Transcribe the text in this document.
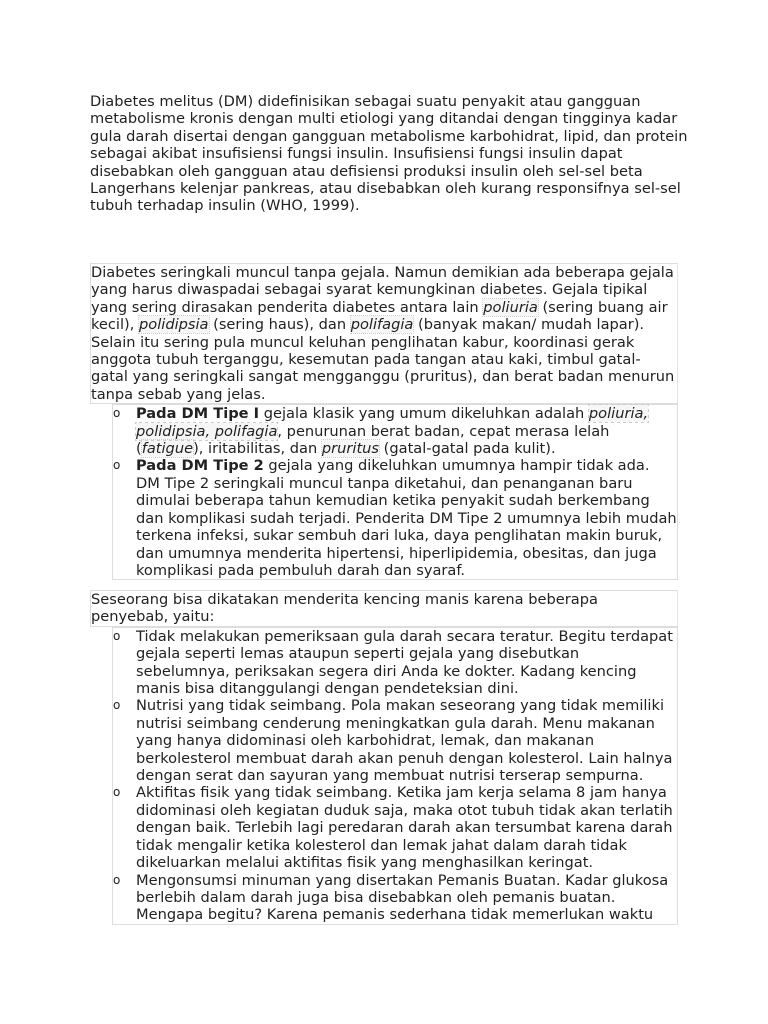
Diabetes melitus (DM) didefinisikan sebagai suatu penyakit atau gangguan metabolisme kronis dengan multi etiologi yang ditandai dengan tingginya kadar gula darah disertai dengan gangguan metabolisme karbohidrat, lipid, dan protein sebagai akibat insufisiensi fungsi insulin. Insufisiensi fungsi insulin dapat disebabkan oleh gangguan atau defisiensi produksi insulin oleh sel-sel beta Langerhans kelenjar pankreas, atau disebabkan oleh kurang responsifnya sel-sel tubuh terhadap insulin (WHO, 1999).

Diabetes seringkali muncul tanpa gejala. Namun demikian ada beberapa gejala yang harus diwaspadai sebagai syarat kemungkinan diabetes. Gejala tipikal yang sering dirasakan penderita diabetes antara lain poliuria (sering buang air kecil), polidipsia (sering haus), dan polifagia (banyak makan/ mudah lapar). Selain itu sering pula muncul keluhan penglihatan kabur, koordinasi gerak anggota tubuh terganggu, kesemutan pada tangan atau kaki, timbul gatal-gatal yang seringkali sangat mengganggu (pruritus), dan berat badan menurun tanpa sebab yang jelas.

o Pada DM Tipe I gejala klasik yang umum dikeluhkan adalah poliuria, polidipsia, polifagia, penurunan berat badan, cepat merasa lelah (fatigue), iritabilitas, dan pruritus (gatal-gatal pada kulit).
o Pada DM Tipe 2 gejala yang dikeluhkan umumnya hampir tidak ada. DM Tipe 2 seringkali muncul tanpa diketahui, dan penanganan baru dimulai beberapa tahun kemudian ketika penyakit sudah berkembang dan komplikasi sudah terjadi. Penderita DM Tipe 2 umumnya lebih mudah terkena infeksi, sukar sembuh dari luka, daya penglihatan makin buruk, dan umumnya menderita hipertensi, hiperlipidemia, obesitas, dan juga komplikasi pada pembuluh darah dan syaraf.

Seseorang bisa dikatakan menderita kencing manis karena beberapa penyebab, yaitu:

o Tidak melakukan pemeriksaan gula darah secara teratur. Begitu terdapat gejala seperti lemas ataupun seperti gejala yang disebutkan sebelumnya, periksakan segera diri Anda ke dokter. Kadang kencing manis bisa ditanggulangi dengan pendeteksian dini.
o Nutrisi yang tidak seimbang. Pola makan seseorang yang tidak memiliki nutrisi seimbang cenderung meningkatkan gula darah. Menu makanan yang hanya didominasi oleh karbohidrat, lemak, dan makanan berkolesterol membuat darah akan penuh dengan kolesterol. Lain halnya dengan serat dan sayuran yang membuat nutrisi terserap sempurna.
o Aktifitas fisik yang tidak seimbang. Ketika jam kerja selama 8 jam hanya didominasi oleh kegiatan duduk saja, maka otot tubuh tidak akan terlatih dengan baik. Terlebih lagi peredaran darah akan tersumbat karena darah tidak mengalir ketika kolesterol dan lemak jahat dalam darah tidak dikeluarkan melalui aktifitas fisik yang menghasilkan keringat.
o Mengonsumsi minuman yang disertakan Pemanis Buatan. Kadar glukosa berlebih dalam darah juga bisa disebabkan oleh pemanis buatan. Mengapa begitu? Karena pemanis sederhana tidak memerlukan waktu
